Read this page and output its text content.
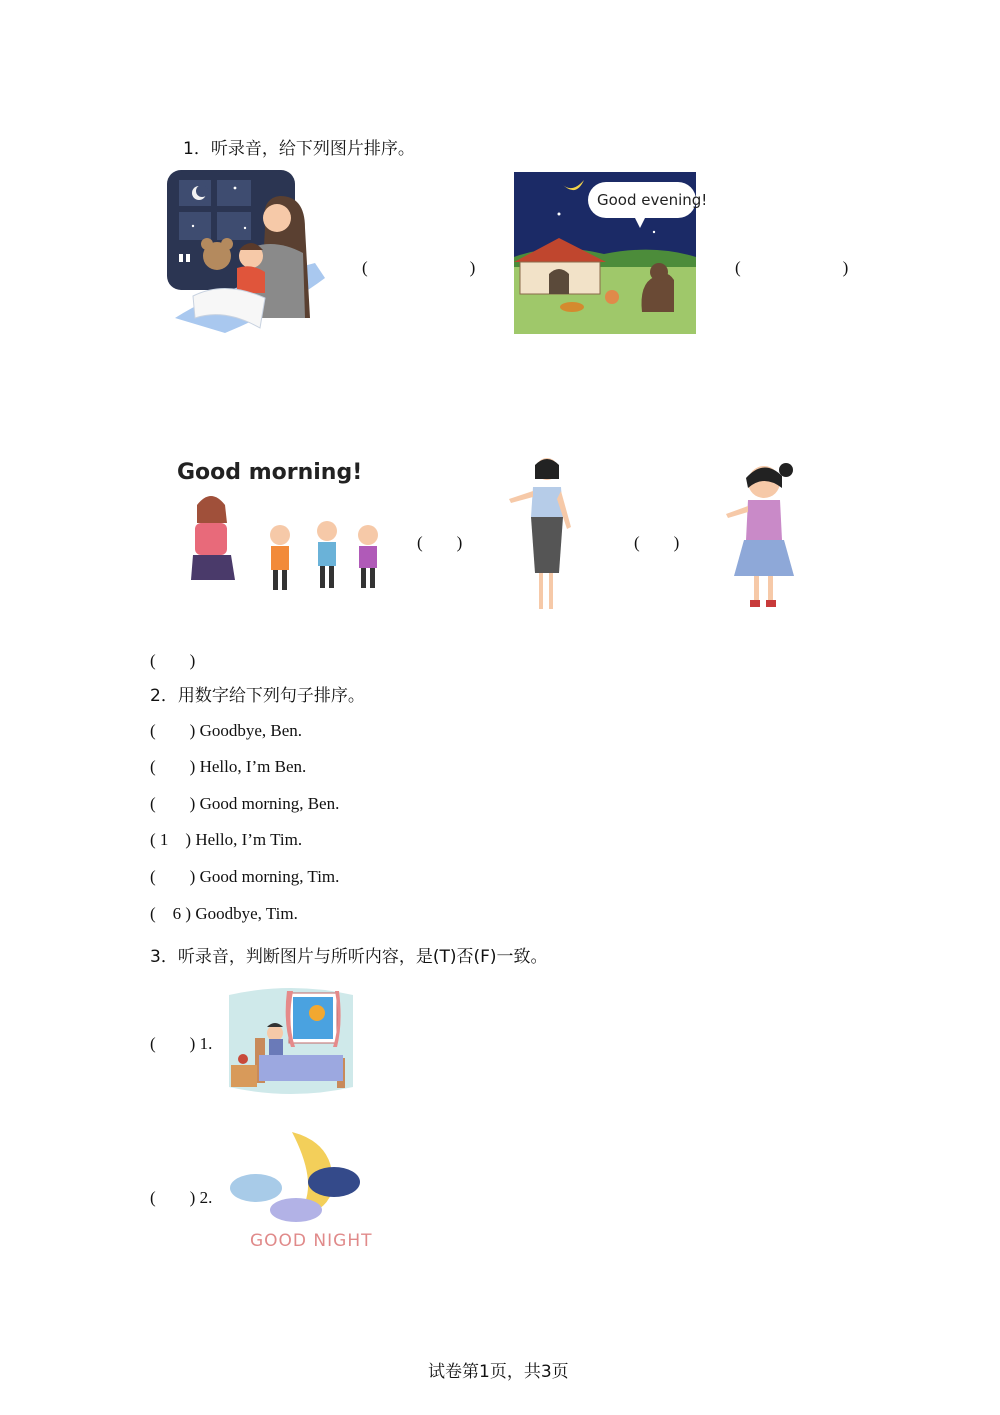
1．听录音，给下列图片排序。
(　　　　　　)
Good evening!
(　　　　　　)
Good morning!
(　　)	(　　)
(　　)
2．用数字给下列句子排序。
(　　) Goodbye, Ben.
(　　) Hello, I’m Ben.
(　　) Good morning, Ben.
( 1　) Hello, I’m Tim.
(　　) Good morning, Tim.
(　6 ) Goodbye, Tim.
3．听录音，判断图片与所听内容，是(T)否(F)一致。
(　　) 1.
(　　) 2.
GOOD NIGHT
试卷第1页，共3页
